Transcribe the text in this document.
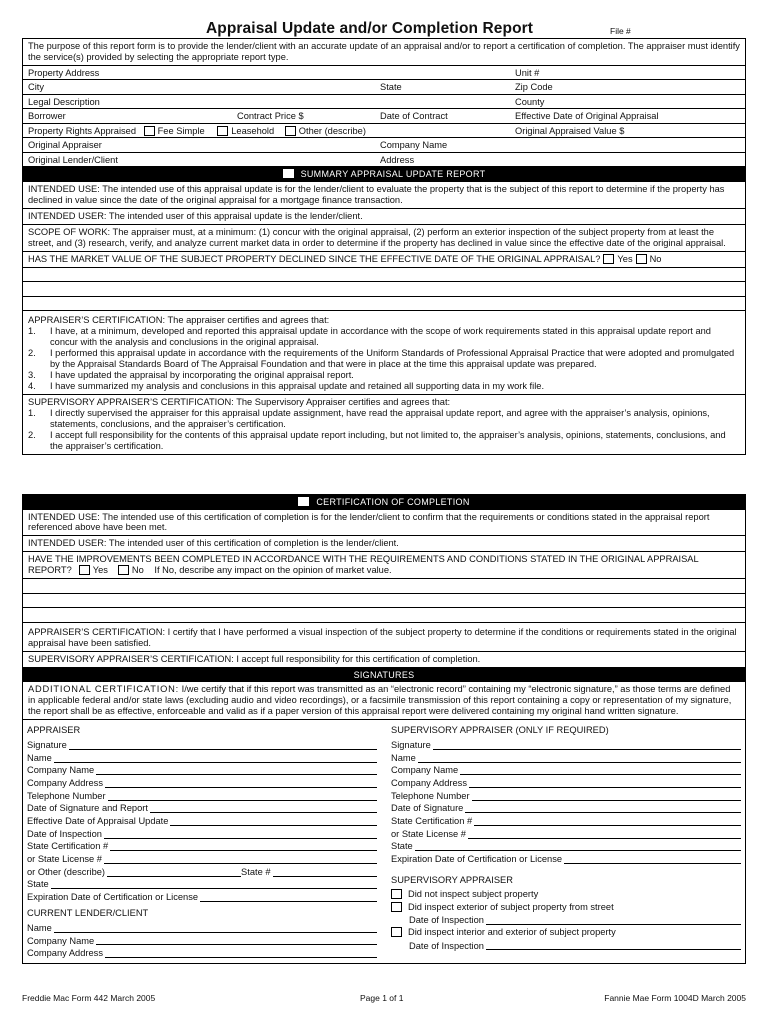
Appraisal Update and/or Completion Report	File #
The purpose of this report form is to provide the lender/client with an accurate update of an appraisal and/or to report a certification of completion. The appraiser must identify the service(s) provided by selecting the appropriate report type.
Property Address	Unit #
City	State	Zip Code
Legal Description	County
Borrower	Contract Price $	Date of Contract	Effective Date of Original Appraisal
Property Rights Appraised Fee Simple	Leasehold	Other (describe)	Original Appraised Value $
Original Appraiser	Company Name
Original Lender/Client	Address
SUMMARY APPRAISAL UPDATE REPORT
INTENDED USE: The intended use of this appraisal update is for the lender/client to evaluate the property that is the subject of this report to determine if the property has declined in value since the date of the original appraisal for a mortgage finance transaction.
INTENDED USER: The intended user of this appraisal update is the lender/client.
SCOPE OF WORK: The appraiser must, at a minimum: (1) concur with the original appraisal, (2) perform an exterior inspection of the subject property from at least the street, and (3) research, verify, and analyze current market data in order to determine if the property has declined in value since the effective date of the original appraisal.
HAS THE MARKET VALUE OF THE SUBJECT PROPERTY DECLINED SINCE THE EFFECTIVE DATE OF THE ORIGINAL APPRAISAL? Yes No
APPRAISER’S CERTIFICATION: The appraiser certifies and agrees that:
1.	I have, at a minimum, developed and reported this appraisal update in accordance with the scope of work requirements stated in this appraisal update report and concur with the analysis and conclusions in the original appraisal.
2.	I performed this appraisal update in accordance with the requirements of the Uniform Standards of Professional Appraisal Practice that were adopted and promulgated by the Appraisal Standards Board of The Appraisal Foundation and that were in place at the time this appraisal update was prepared.
3.	I have updated the appraisal by incorporating the original appraisal report.
4.	I have summarized my analysis and conclusions in this appraisal update and retained all supporting data in my work file.
SUPERVISORY APPRAISER’S CERTIFICATION: The Supervisory Appraiser certifies and agrees that:
1.	I directly supervised the appraiser for this appraisal update assignment, have read the appraisal update report, and agree with the appraiser’s analysis, opinions, statements, conclusions, and the appraiser’s certification.
2.	I accept full responsibility for the contents of this appraisal update report including, but not limited to, the appraiser’s analysis, opinions, statements, conclusions, and the appraiser’s certification.
CERTIFICATION OF COMPLETION
INTENDED USE: The intended use of this certification of completion is for the lender/client to confirm that the requirements or conditions stated in the appraisal report referenced above have been met.
INTENDED USER: The intended user of this certification of completion is the lender/client.
HAVE THE IMPROVEMENTS BEEN COMPLETED IN ACCORDANCE WITH THE REQUIREMENTS AND CONDITIONS STATED IN THE ORIGINAL APPRAISAL REPORT? Yes	No If No, describe any impact on the opinion of market value.
APPRAISER’S CERTIFICATION: I certify that I have performed a visual inspection of the subject property to determine if the conditions or requirements stated in the original appraisal have been satisfied.
SUPERVISORY APPRAISER’S CERTIFICATION: I accept full responsibility for this certification of completion.
SIGNATURES
ADDITIONAL CERTIFICATION: I/we certify that if this report was transmitted as an “electronic record” containing my “electronic signature,” as those terms are defined in applicable federal and/or state laws (excluding audio and video recordings), or a facsimile transmission of this report containing a copy or representation of my signature, the report shall be as effective, enforceable and valid as if a paper version of this appraisal report were delivered containing my original hand written signature.
APPRAISER
Signature
Name
Company Name
Company Address
Telephone Number
Date of Signature and Report
Effective Date of Appraisal Update
Date of Inspection
State Certification #
or State License #
or Other (describe)	State #
State
Expiration Date of Certification or License
CURRENT LENDER/CLIENT
Name
Company Name
Company Address
SUPERVISORY APPRAISER (ONLY IF REQUIRED)
Signature
Name
Company Name
Company Address
Telephone Number
Date of Signature
State Certification #
or State License #
State
Expiration Date of Certification or License
SUPERVISORY APPRAISER
Did not inspect subject property
Did inspect exterior of subject property from street
Date of Inspection
Did inspect interior and exterior of subject property
Date of Inspection
Freddie Mac Form 442 March 2005	Page 1 of 1	Fannie Mae Form 1004D March 2005
